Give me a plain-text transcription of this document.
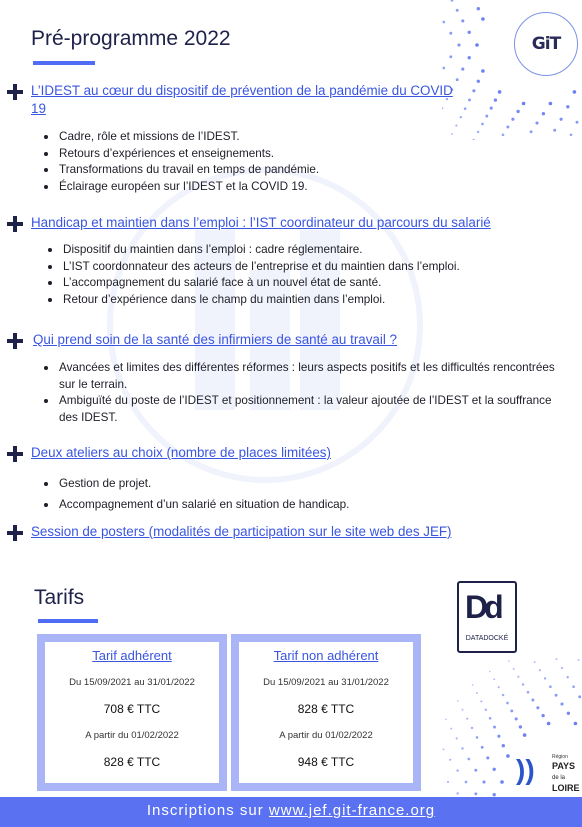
Pré-programme 2022	GiT
L’IDEST au cœur du dispositif de prévention de la pandémie du COVID 19
Cadre, rôle et missions de l’IDEST.
Retours d’expériences et enseignements.
Transformations du travail en temps de pandémie.
Éclairage européen sur l’IDEST et la COVID 19.
Handicap et maintien dans l’emploi : l’IST coordinateur du parcours du salarié
Dispositif du maintien dans l’emploi : cadre réglementaire.
L’IST coordonnateur des acteurs de l’entreprise et du maintien dans l’emploi.
L’accompagnement du salarié face à un nouvel état de santé.
Retour d’expérience dans le champ du maintien dans l’emploi.
Qui prend soin de la santé des infirmiers de santé au travail ?
Avancées et limites des différentes réformes : leurs aspects positifs et les difficultés rencontrées sur le terrain.
Ambiguïté du poste de l’IDEST et positionnement : la valeur ajoutée de l’IDEST et la souffrance des IDEST.
Deux ateliers au choix (nombre de places limitées)
Gestion de projet.
Accompagnement d’un salarié en situation de handicap.
Session de posters (modalités de participation sur le site web des JEF)
Tarifs
Tarif adhérent
Du 15/09/2021 au 31/01/2022
708 € TTC
A partir du 01/02/2022
828 € TTC
Tarif non adhérent
Du 15/09/2021 au 31/01/2022
828 € TTC
A partir du 01/02/2022
948 € TTC
Dd
DATADOCKÉ
))	Région
PAYS
de la
LOIRE
Inscriptions sur www.jef.git-france.org
